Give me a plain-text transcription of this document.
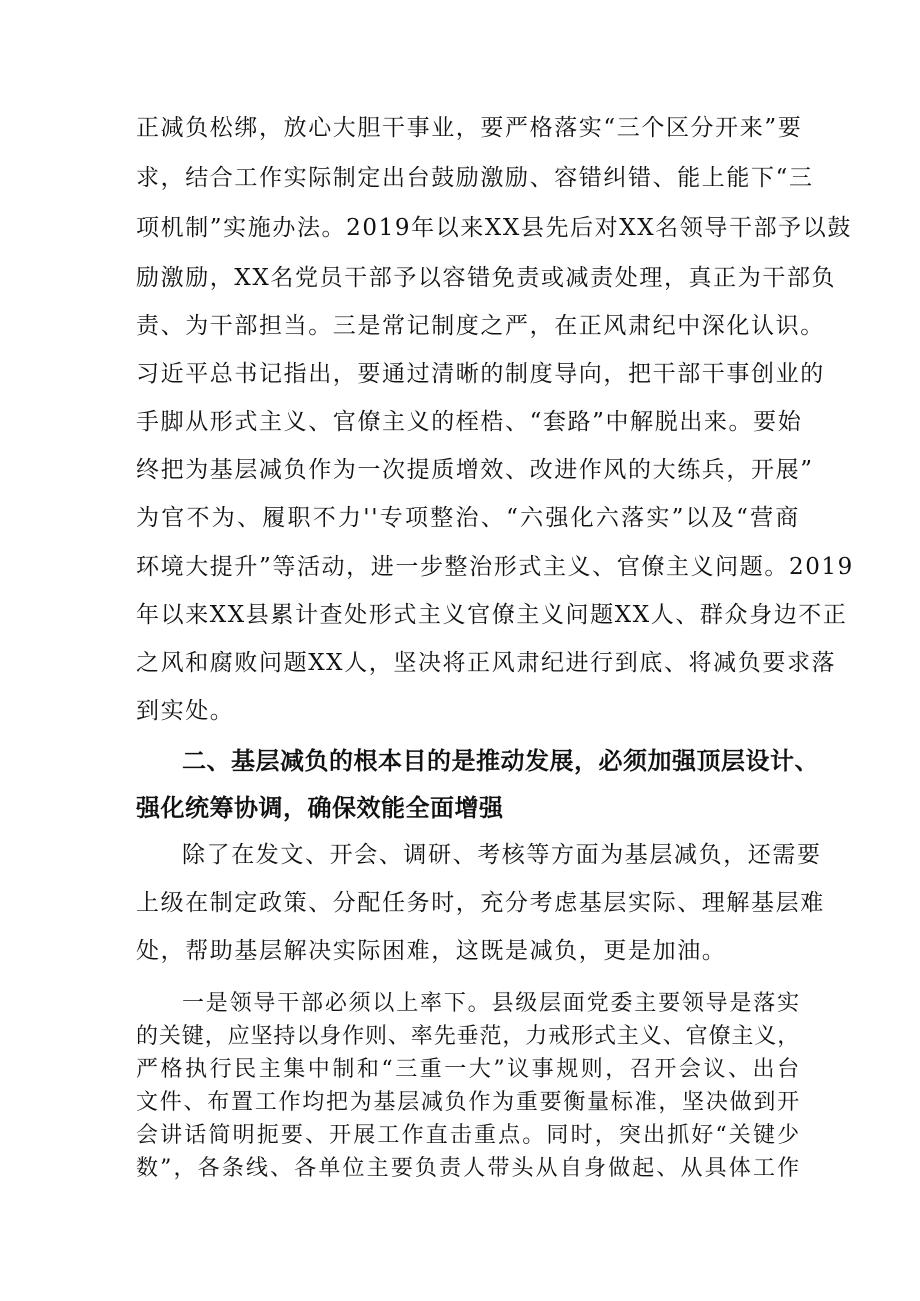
正减负松绑，放心大胆干事业，要严格落实“三个区分开来”要

求，结合工作实际制定出台鼓励激励、容错纠错、能上能下“三

项机制”实施办法。2019年以来XX县先后对XX名领导干部予以鼓

励激励，XX名党员干部予以容错免责或减责处理，真正为干部负

责、为干部担当。三是常记制度之严，在正风肃纪中深化认识。

习近平总书记指出，要通过清晰的制度导向，把干部干事创业的

手脚从形式主义、官僚主义的桎梏、“套路”中解脱出来。要始

终把为基层减负作为一次提质增效、改进作风的大练兵，开展”

为官不为、履职不力''专项整治、“六强化六落实”以及“营商

环境大提升”等活动，进一步整治形式主义、官僚主义问题。2019

年以来XX县累计查处形式主义官僚主义问题XX人、群众身边不正

之风和腐败问题XX人，坚决将正风肃纪进行到底、将减负要求落

到实处。

二、基层减负的根本目的是推动发展，必须加强顶层设计、

强化统筹协调，确保效能全面增强

除了在发文、开会、调研、考核等方面为基层减负，还需要

上级在制定政策、分配任务时，充分考虑基层实际、理解基层难

处，帮助基层解决实际困难，这既是减负，更是加油。

一是领导干部必须以上率下。县级层面党委主要领导是落实

的关键，应坚持以身作则、率先垂范，力戒形式主义、官僚主义，

严格执行民主集中制和“三重一大”议事规则，召开会议、出台

文件、布置工作均把为基层减负作为重要衡量标准，坚决做到开

会讲话简明扼要、开展工作直击重点。同时，突出抓好“关键少

数”，各条线、各单位主要负责人带头从自身做起、从具体工作
